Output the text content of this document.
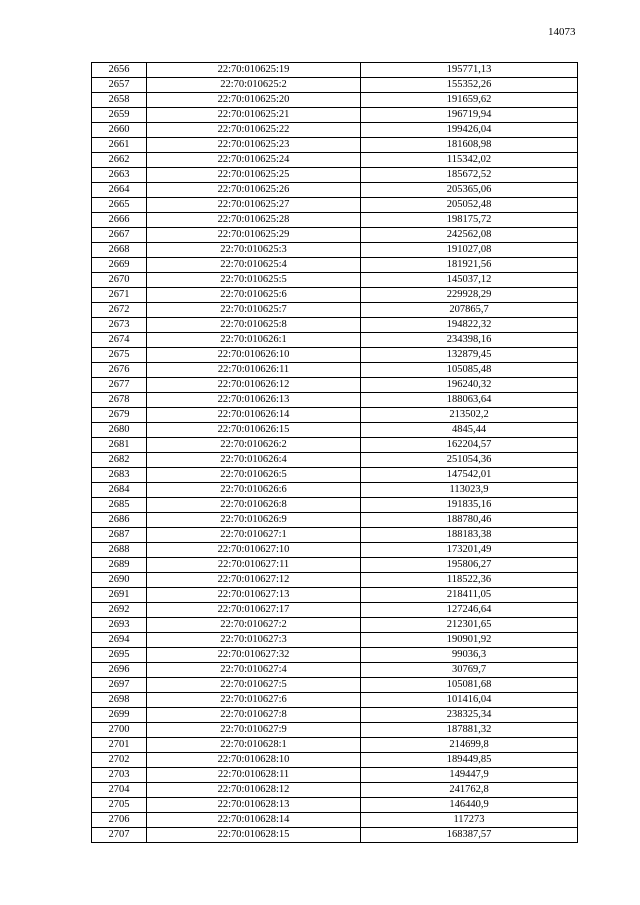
14073
2656	22:70:010625:19	195771,13
2657	22:70:010625:2	155352,26
2658	22:70:010625:20	191659,62
2659	22:70:010625:21	196719,94
2660	22:70:010625:22	199426,04
2661	22:70:010625:23	181608,98
2662	22:70:010625:24	115342,02
2663	22:70:010625:25	185672,52
2664	22:70:010625:26	205365,06
2665	22:70:010625:27	205052,48
2666	22:70:010625:28	198175,72
2667	22:70:010625:29	242562,08
2668	22:70:010625:3	191027,08
2669	22:70:010625:4	181921,56
2670	22:70:010625:5	145037,12
2671	22:70:010625:6	229928,29
2672	22:70:010625:7	207865,7
2673	22:70:010625:8	194822,32
2674	22:70:010626:1	234398,16
2675	22:70:010626:10	132879,45
2676	22:70:010626:11	105085,48
2677	22:70:010626:12	196240,32
2678	22:70:010626:13	188063,64
2679	22:70:010626:14	213502,2
2680	22:70:010626:15	4845,44
2681	22:70:010626:2	162204,57
2682	22:70:010626:4	251054,36
2683	22:70:010626:5	147542,01
2684	22:70:010626:6	113023,9
2685	22:70:010626:8	191835,16
2686	22:70:010626:9	188780,46
2687	22:70:010627:1	188183,38
2688	22:70:010627:10	173201,49
2689	22:70:010627:11	195806,27
2690	22:70:010627:12	118522,36
2691	22:70:010627:13	218411,05
2692	22:70:010627:17	127246,64
2693	22:70:010627:2	212301,65
2694	22:70:010627:3	190901,92
2695	22:70:010627:32	99036,3
2696	22:70:010627:4	30769,7
2697	22:70:010627:5	105081,68
2698	22:70:010627:6	101416,04
2699	22:70:010627:8	238325,34
2700	22:70:010627:9	187881,32
2701	22:70:010628:1	214699,8
2702	22:70:010628:10	189449,85
2703	22:70:010628:11	149447,9
2704	22:70:010628:12	241762,8
2705	22:70:010628:13	146440,9
2706	22:70:010628:14	117273
2707	22:70:010628:15	168387,57
